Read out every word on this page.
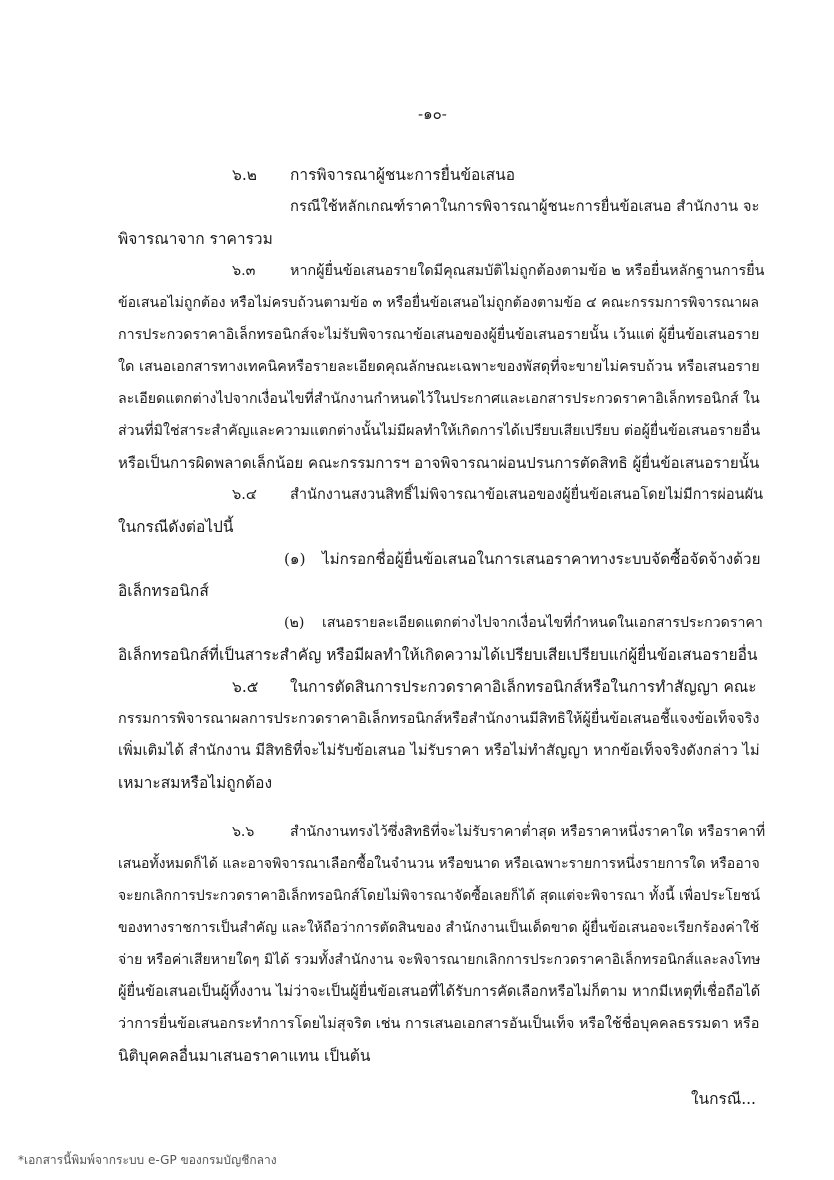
-๑๐-
๖.๒ การพิจารณาผู้ชนะการยื่นข้อเสนอ
กรณีใช้หลักเกณฑ์ราคาในการพิจารณาผู้ชนะการยื่นข้อเสนอ สำนักงาน จะ
พิจารณาจาก ราคารวม
๖.๓ หากผู้ยื่นข้อเสนอรายใดมีคุณสมบัติไม่ถูกต้องตามข้อ ๒ หรือยื่นหลักฐานการยื่น
ข้อเสนอไม่ถูกต้อง หรือไม่ครบถ้วนตามข้อ ๓ หรือยื่นข้อเสนอไม่ถูกต้องตามข้อ ๔ คณะกรรมการพิจารณาผล
การประกวดราคาอิเล็กทรอนิกส์จะไม่รับพิจารณาข้อเสนอของผู้ยื่นข้อเสนอรายนั้น เว้นแต่ ผู้ยื่นข้อเสนอราย
ใด เสนอเอกสารทางเทคนิคหรือรายละเอียดคุณลักษณะเฉพาะของพัสดุที่จะขายไม่ครบถ้วน หรือเสนอราย
ละเอียดแตกต่างไปจากเงื่อนไขที่สำนักงานกำหนดไว้ในประกาศและเอกสารประกวดราคาอิเล็กทรอนิกส์ ใน
ส่วนที่มิใช่สาระสำคัญและความแตกต่างนั้นไม่มีผลทำให้เกิดการได้เปรียบเสียเปรียบ ต่อผู้ยื่นข้อเสนอรายอื่น
หรือเป็นการผิดพลาดเล็กน้อย คณะกรรมการฯ อาจพิจารณาผ่อนปรนการตัดสิทธิ ผู้ยื่นข้อเสนอรายนั้น
๖.๔ สำนักงานสงวนสิทธิ์ไม่พิจารณาข้อเสนอของผู้ยื่นข้อเสนอโดยไม่มีการผ่อนผัน
ในกรณีดังต่อไปนี้
(๑) ไม่กรอกชื่อผู้ยื่นข้อเสนอในการเสนอราคาทางระบบจัดซื้อจัดจ้างด้วย
อิเล็กทรอนิกส์
(๒) เสนอรายละเอียดแตกต่างไปจากเงื่อนไขที่กำหนดในเอกสารประกวดราคา
อิเล็กทรอนิกส์ที่เป็นสาระสำคัญ หรือมีผลทำให้เกิดความได้เปรียบเสียเปรียบแก่ผู้ยื่นข้อเสนอรายอื่น
๖.๕ ในการตัดสินการประกวดราคาอิเล็กทรอนิกส์หรือในการทำสัญญา คณะ
กรรมการพิจารณาผลการประกวดราคาอิเล็กทรอนิกส์หรือสำนักงานมีสิทธิให้ผู้ยื่นข้อเสนอชี้แจงข้อเท็จจริง
เพิ่มเติมได้ สำนักงาน มีสิทธิที่จะไม่รับข้อเสนอ ไม่รับราคา หรือไม่ทำสัญญา หากข้อเท็จจริงดังกล่าว ไม่
เหมาะสมหรือไม่ถูกต้อง
๖.๖	สำนักงานทรงไว้ซึ่งสิทธิที่จะไม่รับราคาต่ำสุด หรือราคาหนึ่งราคาใด หรือราคาที่
เสนอทั้งหมดก็ได้ และอาจพิจารณาเลือกซื้อในจำนวน หรือขนาด หรือเฉพาะรายการหนึ่งรายการใด หรืออาจ
จะยกเลิกการประกวดราคาอิเล็กทรอนิกส์โดยไม่พิจารณาจัดซื้อเลยก็ได้ สุดแต่จะพิจารณา ทั้งนี้ เพื่อประโยชน์
ของทางราชการเป็นสำคัญ และให้ถือว่าการตัดสินของ สำนักงานเป็นเด็ดขาด ผู้ยื่นข้อเสนอจะเรียกร้องค่าใช้
จ่าย หรือค่าเสียหายใดๆ มิได้ รวมทั้งสำนักงาน จะพิจารณายกเลิกการประกวดราคาอิเล็กทรอนิกส์และลงโทษ
ผู้ยื่นข้อเสนอเป็นผู้ทิ้งงาน ไม่ว่าจะเป็นผู้ยื่นข้อเสนอที่ได้รับการคัดเลือกหรือไม่ก็ตาม หากมีเหตุที่เชื่อถือได้
ว่าการยื่นข้อเสนอกระทำการโดยไม่สุจริต เช่น การเสนอเอกสารอันเป็นเท็จ หรือใช้ชื่อบุคคลธรรมดา หรือ
นิติบุคคลอื่นมาเสนอราคาแทน เป็นต้น
ในกรณี...
*เอกสารนี้พิมพ์จากระบบ e-GP ของกรมบัญชีกลาง
